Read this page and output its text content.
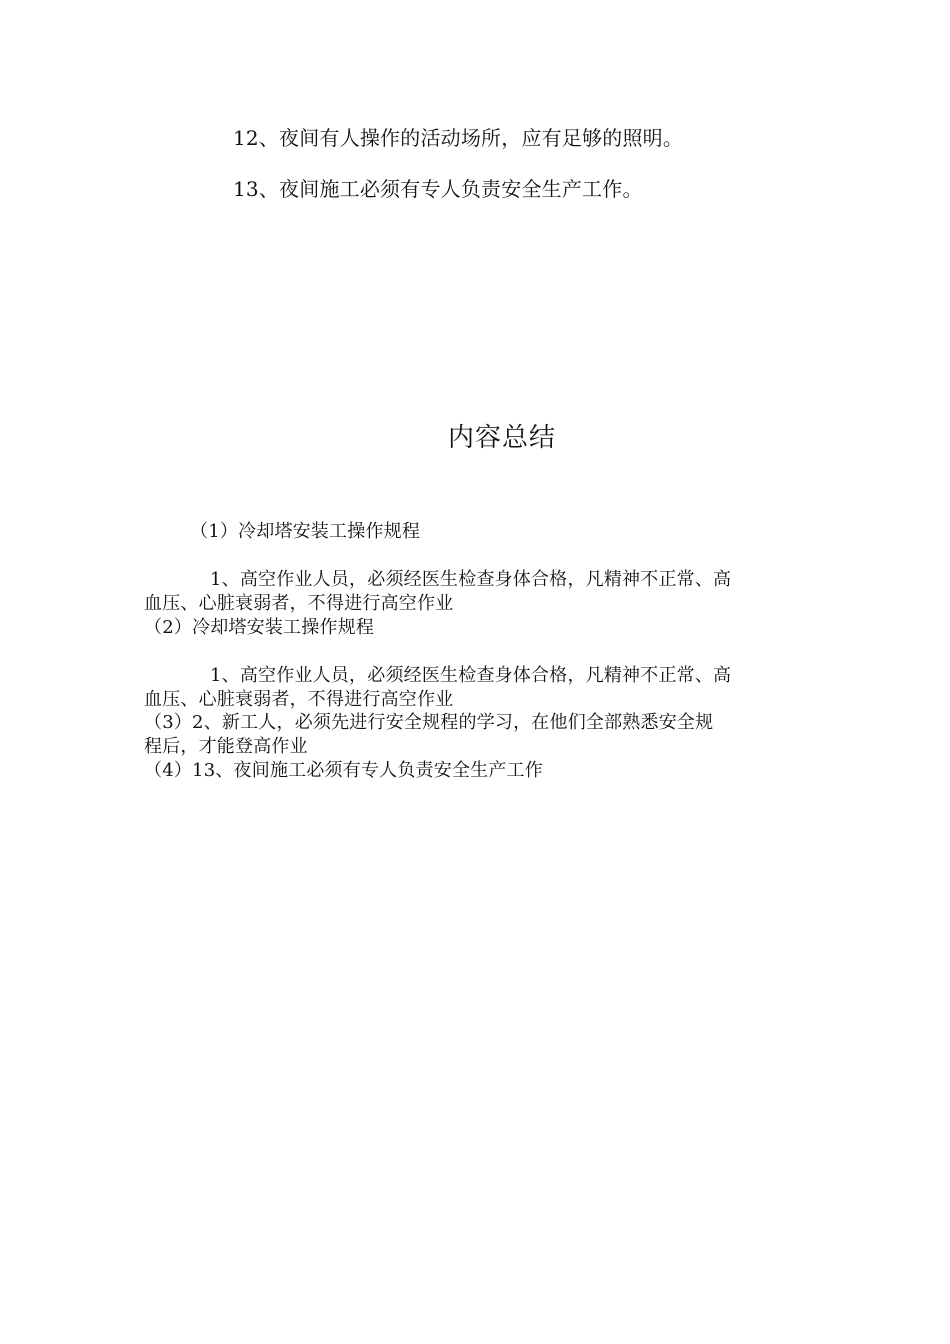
12、夜间有人操作的活动场所，应有足够的照明。
13、夜间施工必须有专人负责安全生产工作。
内容总结
（1）冷却塔安装工操作规程
1、高空作业人员，必须经医生检查身体合格，凡精神不正常、高
血压、心脏衰弱者，不得进行高空作业
（2）冷却塔安装工操作规程
1、高空作业人员，必须经医生检查身体合格，凡精神不正常、高
血压、心脏衰弱者，不得进行高空作业
（3）2、新工人，必须先进行安全规程的学习，在他们全部熟悉安全规
程后，才能登高作业
（4）13、夜间施工必须有专人负责安全生产工作
